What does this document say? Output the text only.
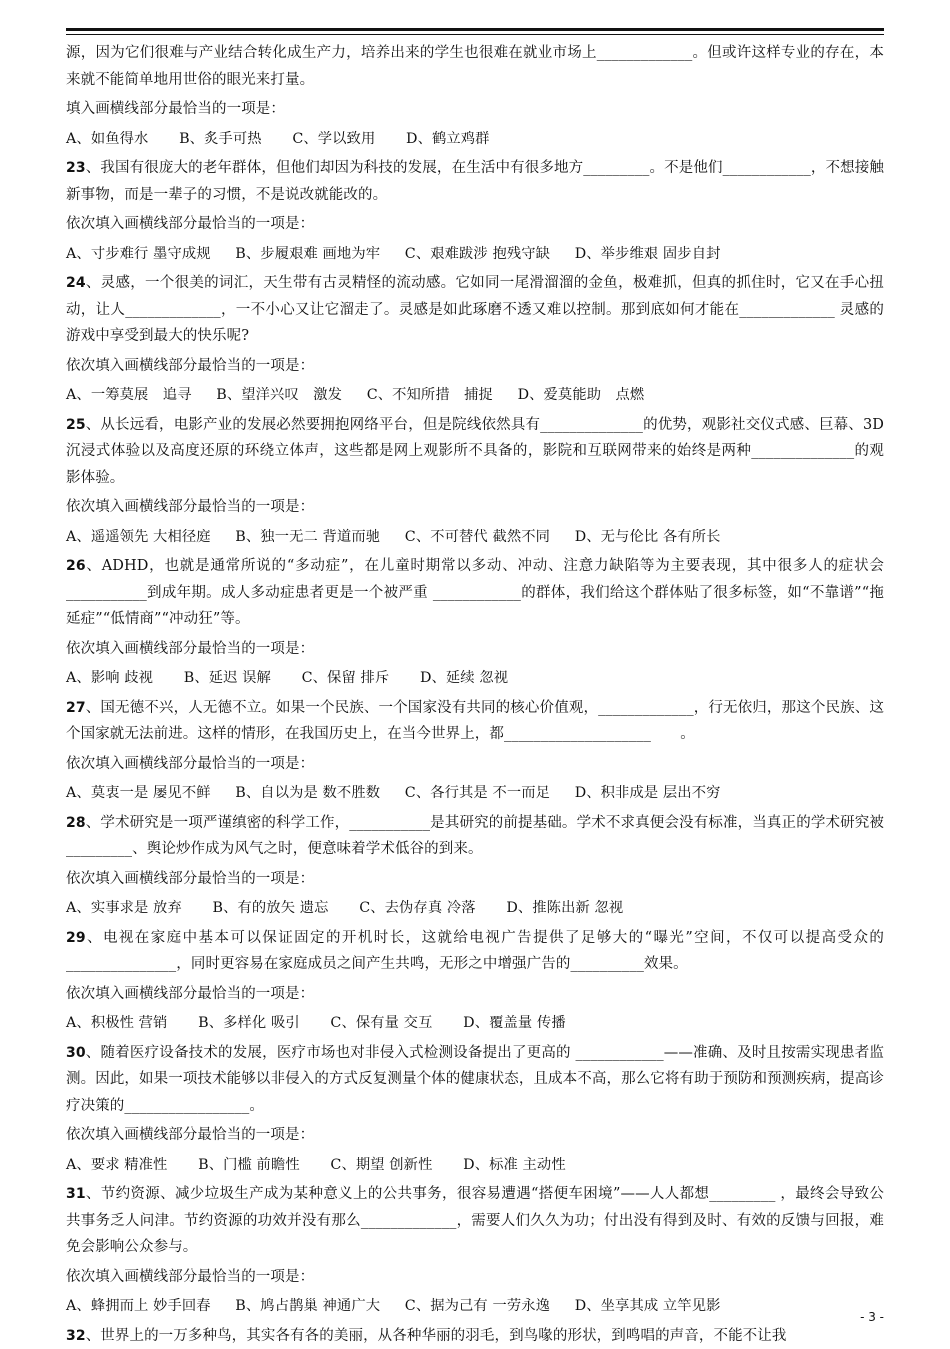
源，因为它们很难与产业结合转化成生产力，培养出来的学生也很难在就业市场上_____________。但或许这样专业的存在，本来就不能简单地用世俗的眼光来打量。

填入画横线部分最恰当的一项是：

A、如鱼得水 B、炙手可热 C、学以致用 D、鹤立鸡群

23、我国有很庞大的老年群体，但他们却因为科技的发展，在生活中有很多地方_________。不是他们____________，不想接触新事物，而是一辈子的习惯，不是说改就能改的。

依次填入画横线部分最恰当的一项是：

A、寸步难行 墨守成规 B、步履艰难 画地为牢 C、艰难跋涉 抱残守缺 D、举步维艰 固步自封

24、灵感，一个很美的词汇，天生带有古灵精怪的流动感。它如同一尾滑溜溜的金鱼，极难抓，但真的抓住时，它又在手心扭动，让人_____________，一不小心又让它溜走了。灵感是如此琢磨不透又难以控制。那到底如何才能在_____________ 灵感的游戏中享受到最大的快乐呢?

依次填入画横线部分最恰当的一项是：

A、一筹莫展　追寻 B、望洋兴叹　激发 C、不知所措　捕捉 D、爱莫能助　点燃

25、从长远看，电影产业的发展必然要拥抱网络平台，但是院线依然具有______________的优势，观影社交仪式感、巨幕、3D沉浸式体验以及高度还原的环绕立体声，这些都是网上观影所不具备的，影院和互联网带来的始终是两种______________的观影体验。

依次填入画横线部分最恰当的一项是：

A、遥遥领先 大相径庭 B、独一无二 背道而驰 C、不可替代 截然不同 D、无与伦比 各有所长

26、ADHD，也就是通常所说的“多动症”，在儿童时期常以多动、冲动、注意力缺陷等为主要表现，其中很多人的症状会 ___________到成年期。成人多动症患者更是一个被严重 ____________的群体，我们给这个群体贴了很多标签，如“不靠谱”“拖延症”“低情商”“冲动狂”等。

依次填入画横线部分最恰当的一项是：

A、影响 歧视 B、延迟 误解 C、保留 排斥 D、延续 忽视

27、国无德不兴，人无德不立。如果一个民族、一个国家没有共同的核心价值观，_____________，行无依归，那这个民族、这个国家就无法前进。这样的情形，在我国历史上，在当今世界上，都____________________　　。

依次填入画横线部分最恰当的一项是：

A、莫衷一是 屡见不鲜 B、自以为是 数不胜数 C、各行其是 不一而足 D、积非成是 层出不穷

28、学术研究是一项严谨缜密的科学工作，___________是其研究的前提基础。学术不求真便会没有标准，当真正的学术研究被_________、舆论炒作成为风气之时，便意味着学术低谷的到来。

依次填入画横线部分最恰当的一项是：

A、实事求是 放弃 B、有的放矢 遗忘 C、去伪存真 冷落 D、推陈出新 忽视

29、电视在家庭中基本可以保证固定的开机时长，这就给电视广告提供了足够大的“曝光”空间，不仅可以提高受众的_______________，同时更容易在家庭成员之间产生共鸣，无形之中增强广告的__________效果。

依次填入画横线部分最恰当的一项是：

A、积极性 营销 B、多样化 吸引 C、保有量 交互 D、覆盖量 传播

30、随着医疗设备技术的发展，医疗市场也对非侵入式检测设备提出了更高的 ____________——准确、及时且按需实现患者监测。因此，如果一项技术能够以非侵入的方式反复测量个体的健康状态，且成本不高，那么它将有助于预防和预测疾病，提高诊疗决策的_________________。

依次填入画横线部分最恰当的一项是：

A、要求 精准性 B、门槛 前瞻性 C、期望 创新性 D、标准 主动性

31、节约资源、减少垃圾生产成为某种意义上的公共事务，很容易遭遇“搭便车困境”——人人都想_________ ，最终会导致公共事务乏人问津。节约资源的功效并没有那么_____________，需要人们久久为功；付出没有得到及时、有效的反馈与回报，难免会影响公众参与。

依次填入画横线部分最恰当的一项是：

A、蜂拥而上 妙手回春 B、鸠占鹊巢 神通广大 C、据为己有 一劳永逸 D、坐享其成 立竿见影

32、世界上的一万多种鸟，其实各有各的美丽，从各种华丽的羽毛，到鸟喙的形状，到鸣唱的声音，不能不让我

- 3 -
